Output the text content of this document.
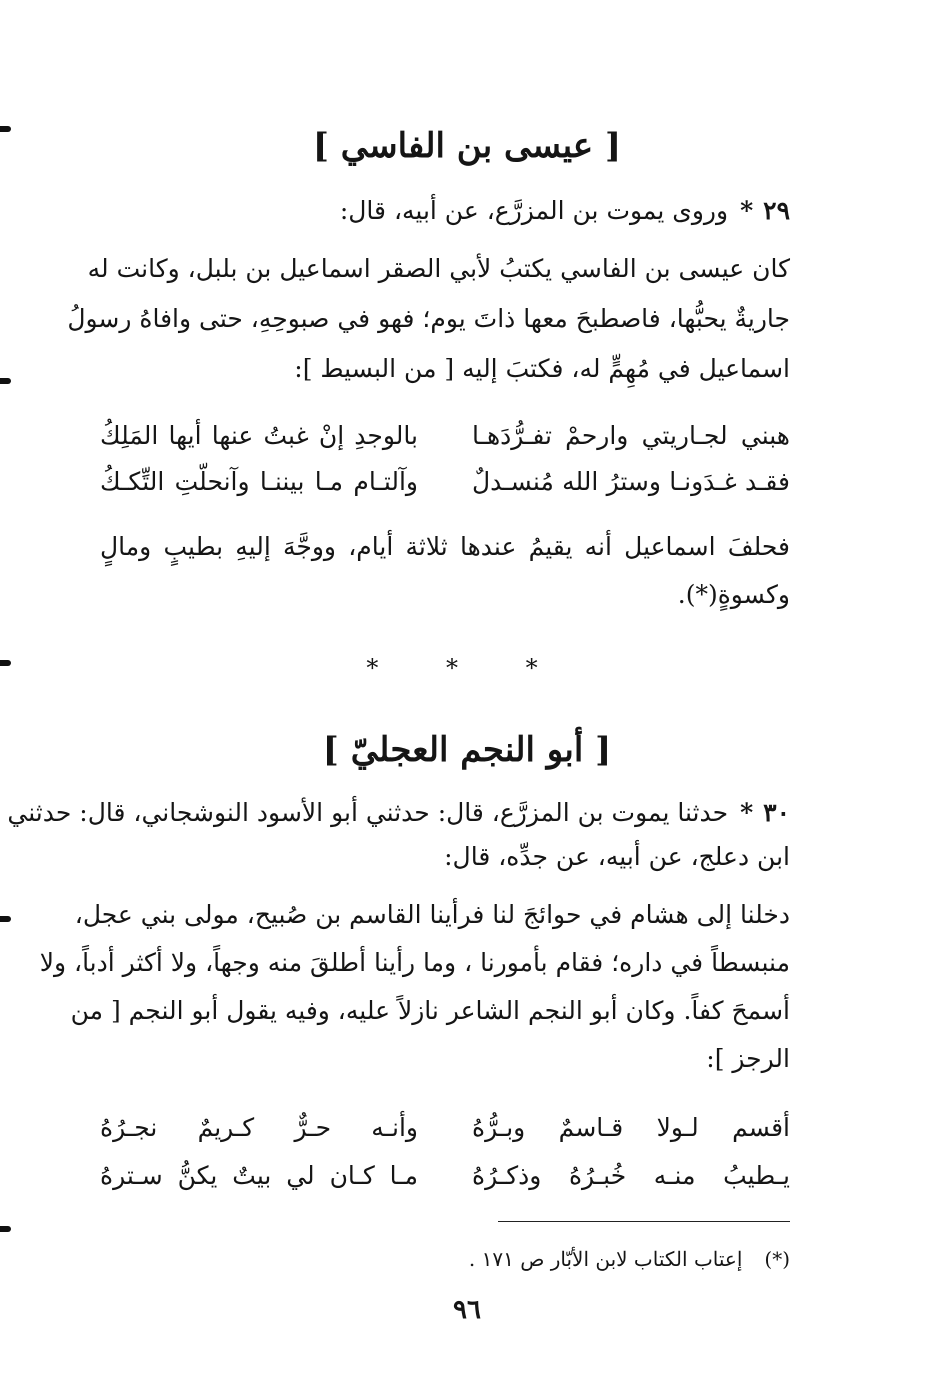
[ عيسى بن الفاسي ]
٢٩*وروى يموت بن المزرَّع، عن أبيه، قال:
كان عيسى بن الفاسي يكتبُ لأبي الصقر اسماعيل بن بلبل، وكانت له
جاريةٌ يحبُّها، فاصطبحَ معها ذاتَ يوم؛ فهو في صبوحِهِ، حتى وافاهُ رسولُ
اسماعيل في مُهِمٍّ له، فكتبَ إليه [ من البسيط ]:
هبني لجـاريتي وارحمْ تفـرُّدَهـا
بالوجدِ إنْ غبتُ عنها أيها المَلِكُ
فقـد غـدَونـا وسترُ الله مُنسـدلٌ
وآلتـام مـا بيننـا وآنحلّتِ التِّكـكُ
فحلفَ اسماعيل أنه يقيمُ عندها ثلاثة أيام، ووجَّهَ إليهِ بطيبٍ ومالٍ
وكسوةٍ(*).
* * *
[ أبو النجم العجليّ ]
٣٠*حدثنا يموت بن المزرَّع، قال: حدثني أبو الأسود النوشجاني، قال: حدثني
ابن دعلج، عن أبيه، عن جدِّه، قال:
دخلنا إلى هشام في حوائجَ لنا فرأينا القاسم بن صُبيح، مولى بني عجل،
منبسطاً في داره؛ فقام بأمورنا ، وما رأينا أطلقَ منه وجهاً، ولا أكثر أدباً، ولا
أسمحَ كفاً. وكان أبو النجم الشاعر نازلاً عليه، وفيه يقول أبو النجم [ من
الرجز ]:
أقسم لـولا قـاسمٌ وبـرُّهُ
وأنـه حـرٌّ كـريمٌ نجـرُهُ
يـطيبُ منـه خُبـرُهُ وذكـرُهُ
مـا كـان لي بيتٌ يكنُّ سـترهُ
(*)إعتاب الكتاب لابن الأبّار ص ١٧١ .
٩٦
